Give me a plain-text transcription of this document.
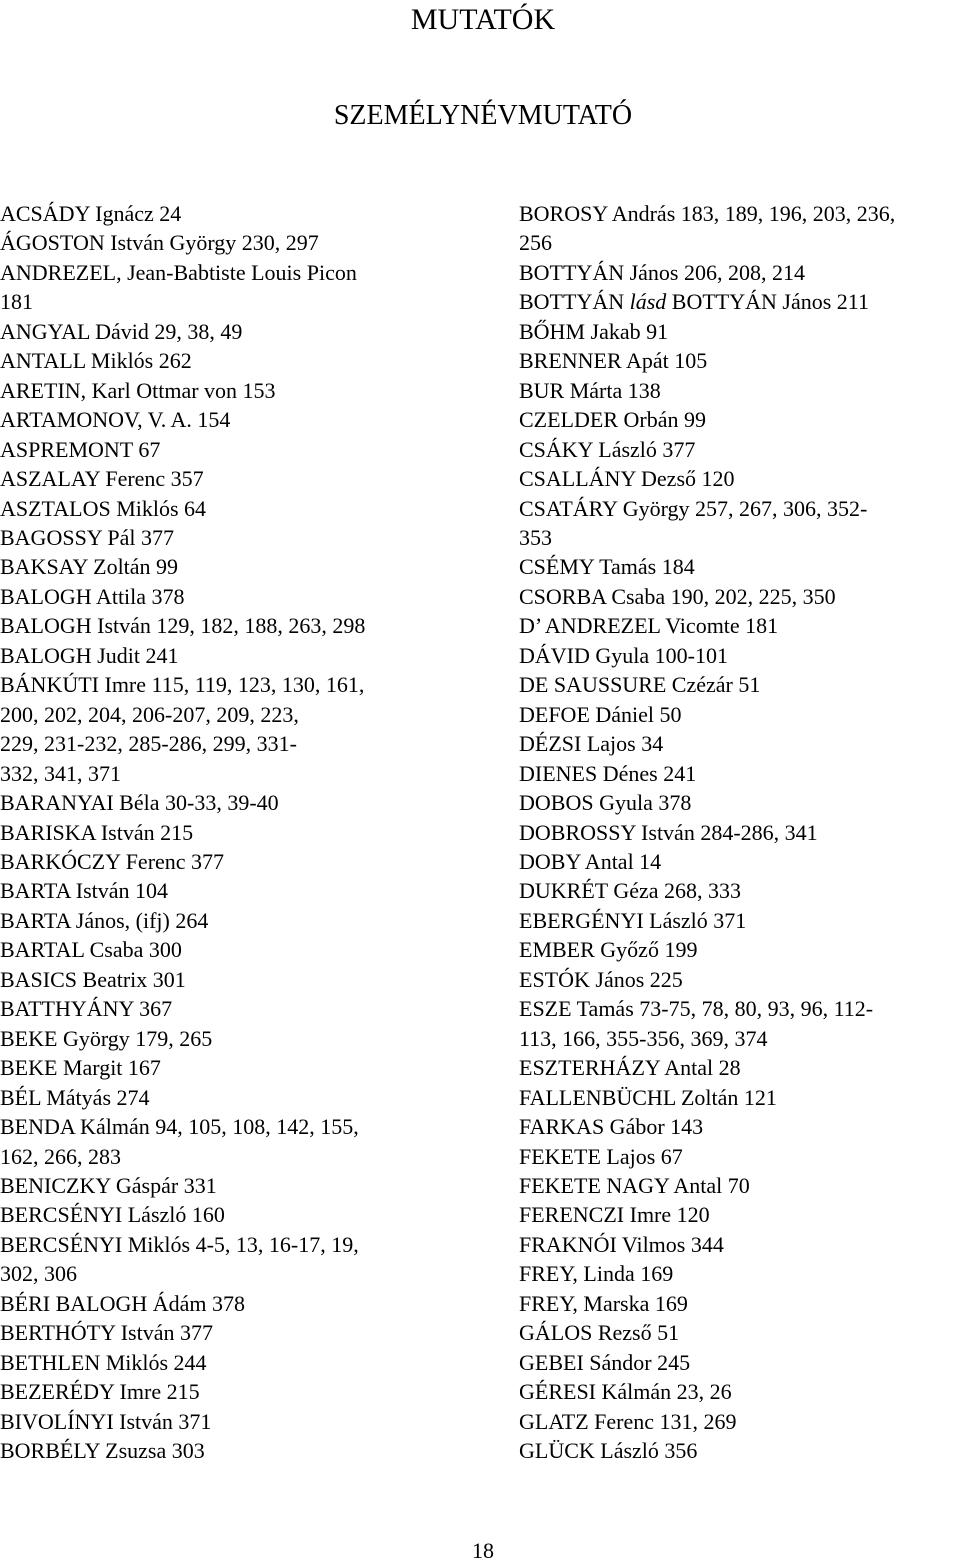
MUTATÓK
SZEMÉLYNÉVMUTATÓ
ACSÁDY Ignácz 24
ÁGOSTON István György 230, 297
ANDREZEL, Jean-Babtiste Louis Picon
181
ANGYAL Dávid 29, 38, 49
ANTALL Miklós 262
ARETIN, Karl Ottmar von 153
ARTAMONOV, V. A. 154
ASPREMONT 67
ASZALAY Ferenc 357
ASZTALOS Miklós 64
BAGOSSY Pál 377
BAKSAY Zoltán 99
BALOGH Attila 378
BALOGH István 129, 182, 188, 263, 298
BALOGH Judit 241
BÁNKÚTI Imre 115, 119, 123, 130, 161,
200, 202, 204, 206-207, 209, 223,
229, 231-232, 285-286, 299, 331-
332, 341, 371
BARANYAI Béla 30-33, 39-40
BARISKA István 215
BARKÓCZY Ferenc 377
BARTA István 104
BARTA János, (ifj) 264
BARTAL Csaba 300
BASICS Beatrix 301
BATTHYÁNY 367
BEKE György 179, 265
BEKE Margit 167
BÉL Mátyás 274
BENDA Kálmán 94, 105, 108, 142, 155,
162, 266, 283
BENICZKY Gáspár 331
BERCSÉNYI László 160
BERCSÉNYI Miklós 4-5, 13, 16-17, 19,
302, 306
BÉRI BALOGH Ádám 378
BERTHÓTY István 377
BETHLEN Miklós 244
BEZERÉDY Imre 215
BIVOLÍNYI István 371
BORBÉLY Zsuzsa 303
BOROSY András 183, 189, 196, 203, 236,
256
BOTTYÁN János 206, 208, 214
BOTTYÁN lásd BOTTYÁN János 211
BŐHM Jakab 91
BRENNER Apát 105
BUR Márta 138
CZELDER Orbán 99
CSÁKY László 377
CSALLÁNY Dezső 120
CSATÁRY György 257, 267, 306, 352-
353
CSÉMY Tamás 184
CSORBA Csaba 190, 202, 225, 350
D’ ANDREZEL Vicomte 181
DÁVID Gyula 100-101
DE SAUSSURE Czézár 51
DEFOE Dániel 50
DÉZSI Lajos 34
DIENES Dénes 241
DOBOS Gyula 378
DOBROSSY István 284-286, 341
DOBY Antal 14
DUKRÉT Géza 268, 333
EBERGÉNYI László 371
EMBER Győző 199
ESTÓK János 225
ESZE Tamás 73-75, 78, 80, 93, 96, 112-
113, 166, 355-356, 369, 374
ESZTERHÁZY Antal 28
FALLENBÜCHL Zoltán 121
FARKAS Gábor 143
FEKETE Lajos 67
FEKETE NAGY Antal 70
FERENCZI Imre 120
FRAKNÓI Vilmos 344
FREY, Linda 169
FREY, Marska 169
GÁLOS Rezső 51
GEBEI Sándor 245
GÉRESI Kálmán 23, 26
GLATZ Ferenc 131, 269
GLÜCK László 356
18
